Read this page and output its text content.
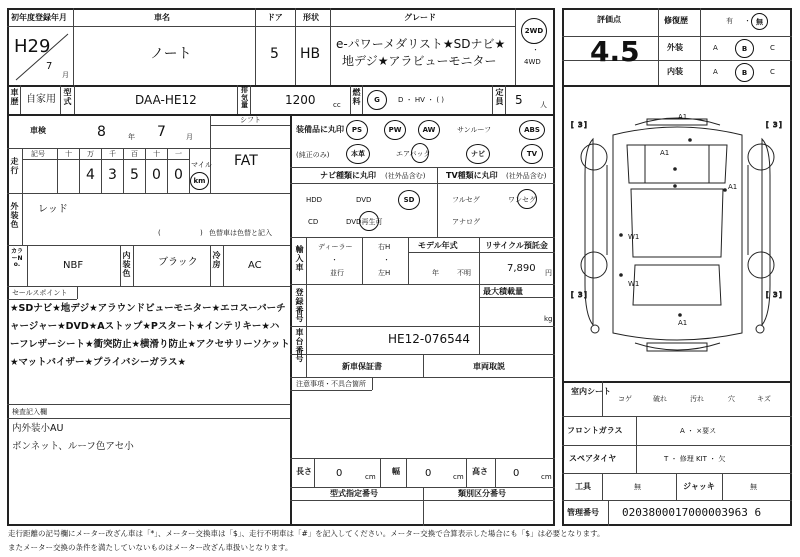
初年度登録年月
H29
7
月
車名
ノート
ドア
5
形状
HB
グレード
e-パワーメダリスト★SDナビ★
地デジ★アラビューモニター
2WD
・
4WD
評価点
4.5
修復歴	有 ・ 無
外装	A	B	C
内装	A	B	C
車歴 自家用
型式	DAA-HE12
排気量	1200 cc
燃料 G	D ・ HV ・ ( )
定員 5 人
車検	8	年 7	月
シフト
FAT
走行
記号	十 万 千 百 十 一
4 3 5 0 0
マイル
km
外装色
レッド
(	) 色替車は色替と記入
カラーNo.	NBF
内装色
ブラック
冷房	AC
セールスポイント
★SDナビ★地デジ★アラウンドビューモニター★エコスーパーチ
ャージャー★DVD★Aストップ★Pスタート★インテリキー★ハ
ーフレザーシート★衝突防止★横滑り防止★アクセサリーソケット
★マットバイザー★プライバシーガラス★
検査記入欄
内外装小AU
ボンネット、ルーフ色アセ小
装備品に丸印
(純正のみ)
PS	PW	AW	サンルーフ	ABS
本革	エアバック	ナビ	TV
ナビ種類に丸印 (社外品含む)
HDD	DVD	SD
CD	DVD再生可
TV種類に丸印 (社外品含む)
フルセグ	ワンセグ
アナログ
輸入車
ディーラー
・
並行
右H
・
左H
モデル年式
年	不明
リサイクル預託金
7,890 円
登録番号
最大積載量
kg
車台番号
HE12-076544
新車保証書	車両取説
注意事項・不具合箇所
長さ 0	cm
幅	0	cm
高さ	0	cm
型式指定番号	類別区分番号
[ 3 ]	[ 3 ]
[ 3 ]	[ 3 ]
A1
A1
A1
W1
W1
A1
室内シート
コゲ	破れ	汚れ	穴	キズ
フロントガラス	A ・ ×要ス
スペアタイヤ	T ・ 修理 KIT ・ 欠
工具	無	ジャッキ	無
管理番号 0203800017000003963 6
走行距離の記号欄にメーター改ざん車は「*」、メーター交換車は「$」、走行不明車は「#」を記入してください。メーター交換で合算表示した場合にも「$」は必要となります。
またメーター交換の条件を満たしていないものはメーター改ざん車扱いとなります。
